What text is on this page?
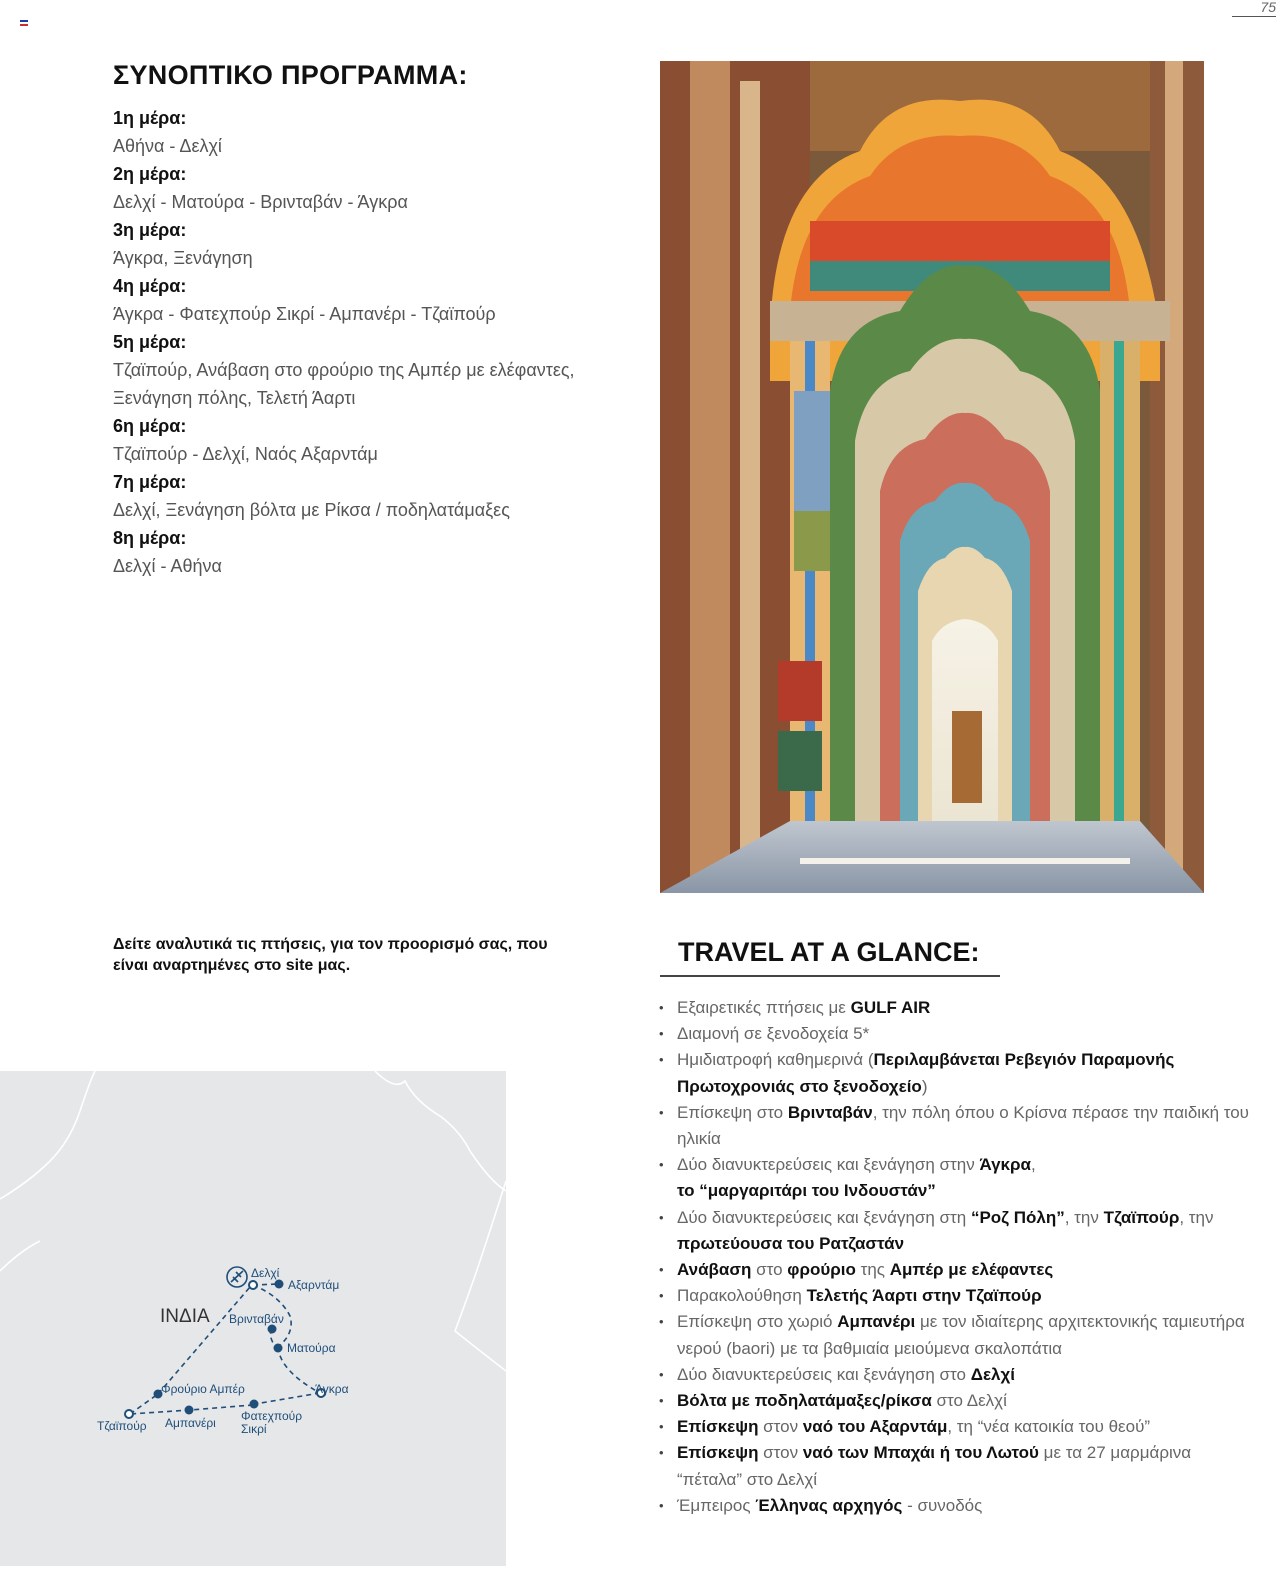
75
ΣΥΝΟΠΤΙΚΟ ΠΡΟΓΡΑΜΜΑ:
1η μέρα:
Αθήνα - Δελχί
2η μέρα:
Δελχί - Ματούρα - Βρινταβάν - Άγκρα
3η μέρα:
Άγκρα, Ξενάγηση
4η μέρα:
Άγκρα - Φατεχπούρ Σικρί - Αμπανέρι - Τζαϊπούρ
5η μέρα:
Τζαϊπούρ, Ανάβαση στο φρούριο της Αμπέρ με ελέφαντες, Ξενάγηση πόλης, Τελετή Άαρτι
6η μέρα:
Τζαϊπούρ - Δελχί, Ναός Αξαρντάμ
7η μέρα:
Δελχί, Ξενάγηση βόλτα με Ρίκσα / ποδηλατάμαξες
8η μέρα:
Δελχί - Αθήνα
Δείτε αναλυτικά τις πτήσεις, για τον προορισμό σας, που είναι αναρτημένες στο site μας.	TRAVEL AT A GLANCE:
• Εξαιρετικές πτήσεις με GULF AIR
• Διαμονή σε ξενοδοχεία 5*
• Ημιδιατροφή καθημερινά (Περιλαμβάνεται Ρεβεγιόν Παραμονής Πρωτοχρονιάς στο ξενοδοχείο)
• Επίσκεψη στο Βρινταβάν, την πόλη όπου ο Κρίσνα πέρασε την παιδική του ηλικία
• Δύο διανυκτερεύσεις και ξενάγηση στην Άγκρα,
το “μαργαριτάρι του Ινδουστάν”
• Δύο διανυκτερεύσεις και ξενάγηση στη “Ροζ Πόλη”, την Τζαϊπούρ, την πρωτεύουσα του Ρατζαστάν
• Ανάβαση στο φρούριο της Αμπέρ με ελέφαντες
• Παρακολούθηση Τελετής Άαρτι στην Τζαϊπούρ
• Επίσκεψη στο χωριό Αμπανέρι με τον ιδιαίτερης αρχιτεκτονικής ταμιευτήρα νερού (baori) με τα βαθμιαία μειούμενα σκαλοπάτια
• Δύο διανυκτερεύσεις και ξενάγηση στο Δελχί
• Βόλτα με ποδηλατάμαξες/ρίκσα στο Δελχί
• Επίσκεψη στον ναό του Αξαρντάμ, τη “νέα κατοικία του θεού”
• Επίσκεψη στον ναό των Μπαχάι ή του Λωτού με τα 27 μαρμάρινα “πέταλα” στο Δελχί
• Έμπειρος Έλληνας αρχηγός - συνοδός
ΙΝΔΙΑ
Δελχί
Αξαρντάμ
Βρινταβάν
Ματούρα
Άγκρα
Φρούριο Αμπέρ
Τζαϊπούρ Αμπανέρι Φατεχπούρ
Σικρί
